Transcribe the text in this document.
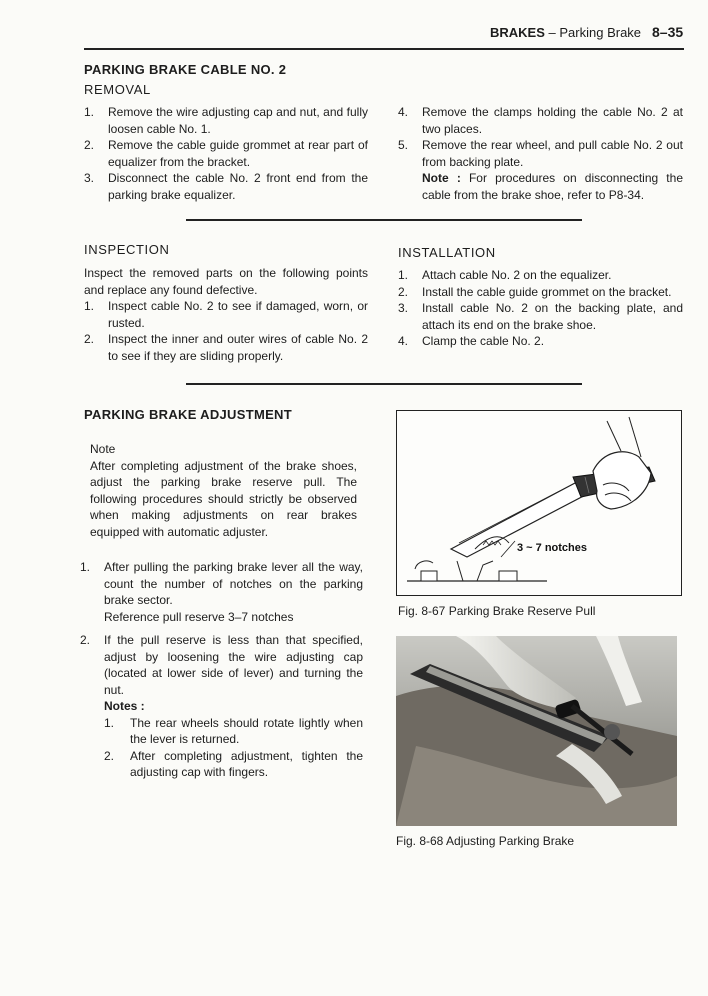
BRAKES – Parking Brake 8–35
PARKING BRAKE CABLE NO. 2
REMOVAL
1. Remove the wire adjusting cap and nut, and fully loosen cable No. 1.
2. Remove the cable guide grommet at rear part of equalizer from the bracket.
3. Disconnect the cable No. 2 front end from the parking brake equalizer.
4. Remove the clamps holding the cable No. 2 at two places.
5. Remove the rear wheel, and pull cable No. 2 out from backing plate.

Note : For procedures on disconnecting the cable from the brake shoe, refer to P8-34.

INSPECTION

Inspect the removed parts on the following points and replace any found defective.

1. Inspect cable No. 2 to see if damaged, worn, or rusted.
2. Inspect the inner and outer wires of cable No. 2 to see if they are sliding properly.
INSTALLATION
1. Attach cable No. 2 on the equalizer.
2. Install the cable guide grommet on the bracket.
3. Install cable No. 2 on the backing plate, and attach its end on the brake shoe.
4. Clamp the cable No. 2.
PARKING BRAKE ADJUSTMENT

Note

After completing adjustment of the brake shoes, adjust the parking brake reserve pull. The following procedures should strictly be observed when making adjustments on rear brakes equipped with automatic adjuster.

1. After pulling the parking brake lever all the way, count the number of notches on the parking brake sector.
Reference pull reserve 3–7 notches
2. If the pull reserve is less than that specified, adjust by loosening the wire adjusting cap (located at lower side of lever) and turning the nut.

Notes :

1. The rear wheels should rotate lightly when the lever is returned.
2. After completing adjustment, tighten the adjusting cap with fingers.
3 ~ 7 notches
Fig. 8-67 Parking Brake Reserve Pull
Fig. 8-68 Adjusting Parking Brake
